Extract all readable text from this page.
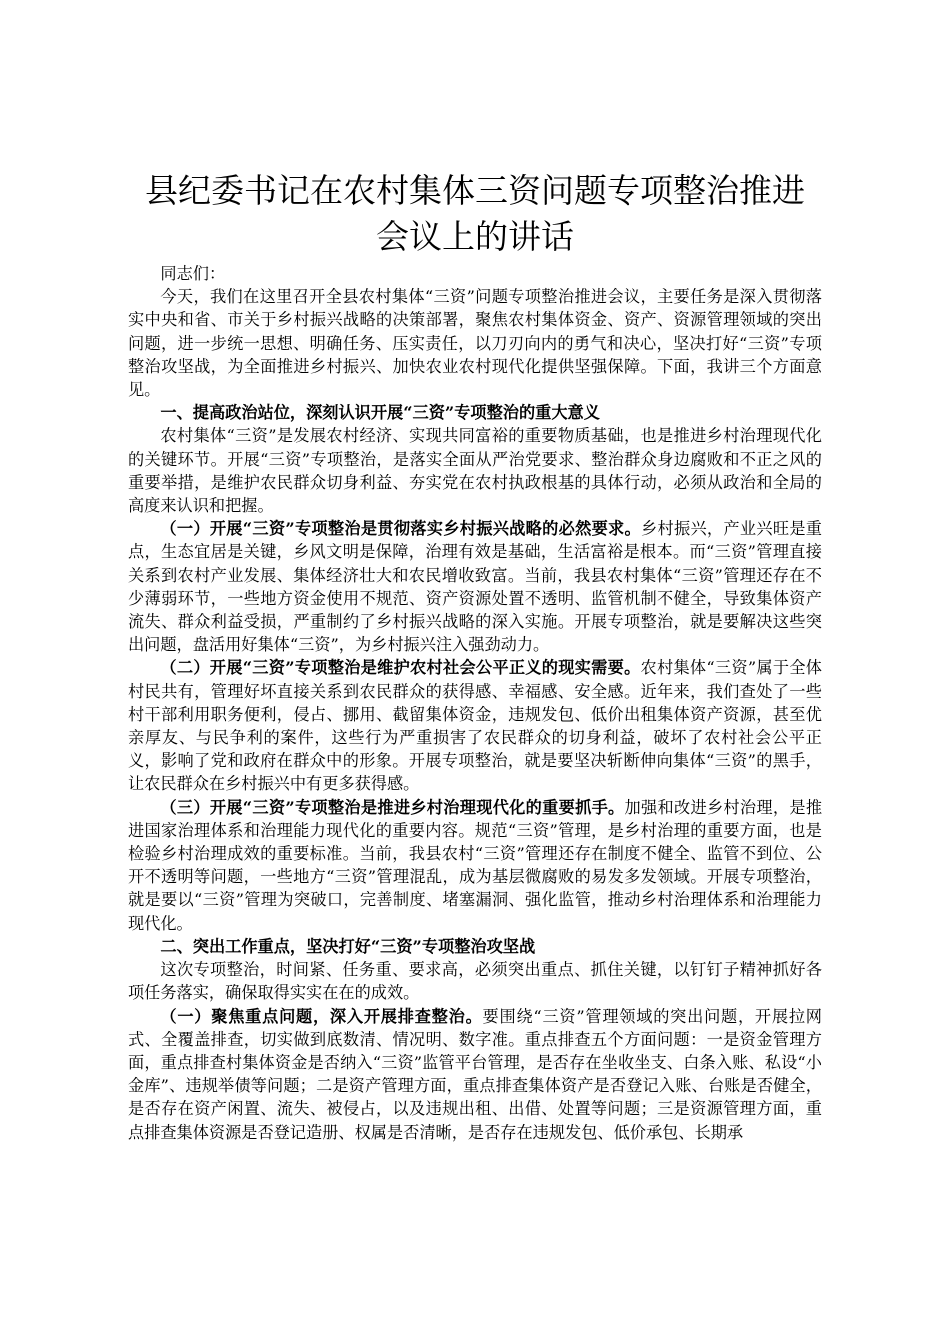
县纪委书记在农村集体三资问题专项整治推进
会议上的讲话

同志们：

今天，我们在这里召开全县农村集体“三资”问题专项整治推进会议，主要任务是深入贯彻落实中央和省、市关于乡村振兴战略的决策部署，聚焦农村集体资金、资产、资源管理领域的突出问题，进一步统一思想、明确任务、压实责任，以刀刃向内的勇气和决心，坚决打好“三资”专项整治攻坚战，为全面推进乡村振兴、加快农业农村现代化提供坚强保障。下面，我讲三个方面意见。

一、提高政治站位，深刻认识开展“三资”专项整治的重大意义

农村集体“三资”是发展农村经济、实现共同富裕的重要物质基础，也是推进乡村治理现代化的关键环节。开展“三资”专项整治，是落实全面从严治党要求、整治群众身边腐败和不正之风的重要举措，是维护农民群众切身利益、夯实党在农村执政根基的具体行动，必须从政治和全局的高度来认识和把握。

（一）开展“三资”专项整治是贯彻落实乡村振兴战略的必然要求。乡村振兴，产业兴旺是重点，生态宜居是关键，乡风文明是保障，治理有效是基础，生活富裕是根本。而“三资”管理直接关系到农村产业发展、集体经济壮大和农民增收致富。当前，我县农村集体“三资”管理还存在不少薄弱环节，一些地方资金使用不规范、资产资源处置不透明、监管机制不健全，导致集体资产流失、群众利益受损，严重制约了乡村振兴战略的深入实施。开展专项整治，就是要解决这些突出问题，盘活用好集体“三资”，为乡村振兴注入强劲动力。

（二）开展“三资”专项整治是维护农村社会公平正义的现实需要。农村集体“三资”属于全体村民共有，管理好坏直接关系到农民群众的获得感、幸福感、安全感。近年来，我们查处了一些村干部利用职务便利，侵占、挪用、截留集体资金，违规发包、低价出租集体资产资源，甚至优亲厚友、与民争利的案件，这些行为严重损害了农民群众的切身利益，破坏了农村社会公平正义，影响了党和政府在群众中的形象。开展专项整治，就是要坚决斩断伸向集体“三资”的黑手，让农民群众在乡村振兴中有更多获得感。

（三）开展“三资”专项整治是推进乡村治理现代化的重要抓手。加强和改进乡村治理，是推进国家治理体系和治理能力现代化的重要内容。规范“三资”管理，是乡村治理的重要方面，也是检验乡村治理成效的重要标准。当前，我县农村“三资”管理还存在制度不健全、监管不到位、公开不透明等问题，一些地方“三资”管理混乱，成为基层微腐败的易发多发领域。开展专项整治，就是要以“三资”管理为突破口，完善制度、堵塞漏洞、强化监管，推动乡村治理体系和治理能力现代化。

二、突出工作重点，坚决打好“三资”专项整治攻坚战

这次专项整治，时间紧、任务重、要求高，必须突出重点、抓住关键，以钉钉子精神抓好各项任务落实，确保取得实实在在的成效。

（一）聚焦重点问题，深入开展排查整治。要围绕“三资”管理领域的突出问题，开展拉网式、全覆盖排查，切实做到底数清、情况明、数字准。重点排查五个方面问题：一是资金管理方面，重点排查村集体资金是否纳入“三资”监管平台管理，是否存在坐收坐支、白条入账、私设“小金库”、违规举债等问题；二是资产管理方面，重点排查集体资产是否登记入账、台账是否健全，是否存在资产闲置、流失、被侵占，以及违规出租、出借、处置等问题；三是资源管理方面，重点排查集体资源是否登记造册、权属是否清晰，是否存在违规发包、低价承包、长期承
